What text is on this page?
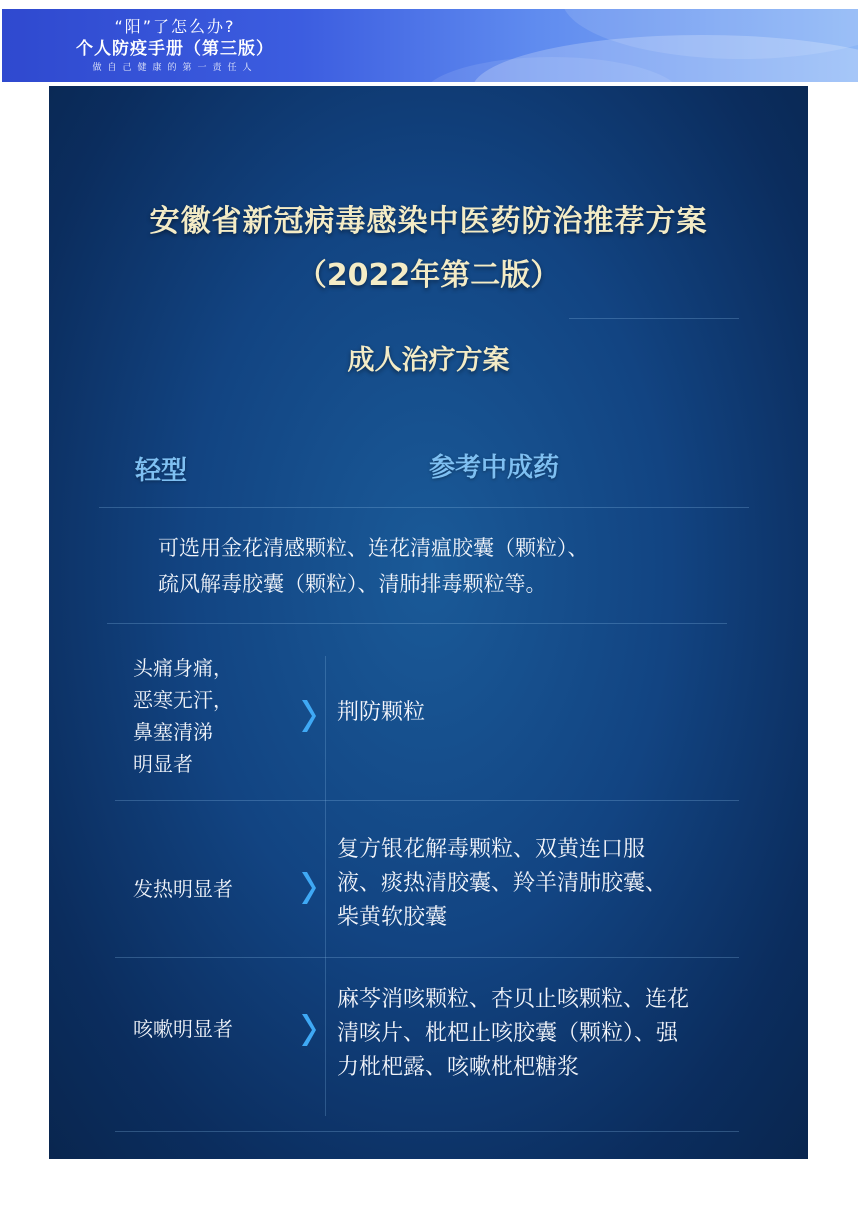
“阳”了怎么办?
个人防疫手册（第三版）
做自己健康的第一责任人
安徽省新冠病毒感染中医药防治推荐方案
（2022年第二版）
成人治疗方案
轻型	参考中成药
可选用金花清感颗粒、连花清瘟胶囊（颗粒）、
疏风解毒胶囊（颗粒）、清肺排毒颗粒等。
头痛身痛，
恶寒无汗，
鼻塞清涕
明显者
荆防颗粒
发热明显者
复方银花解毒颗粒、双黄连口服
液、痰热清胶囊、羚羊清肺胶囊、
柴黄软胶囊
咳嗽明显者
麻芩消咳颗粒、杏贝止咳颗粒、连花
清咳片、枇杷止咳胶囊（颗粒）、强
力枇杷露、咳嗽枇杷糖浆
